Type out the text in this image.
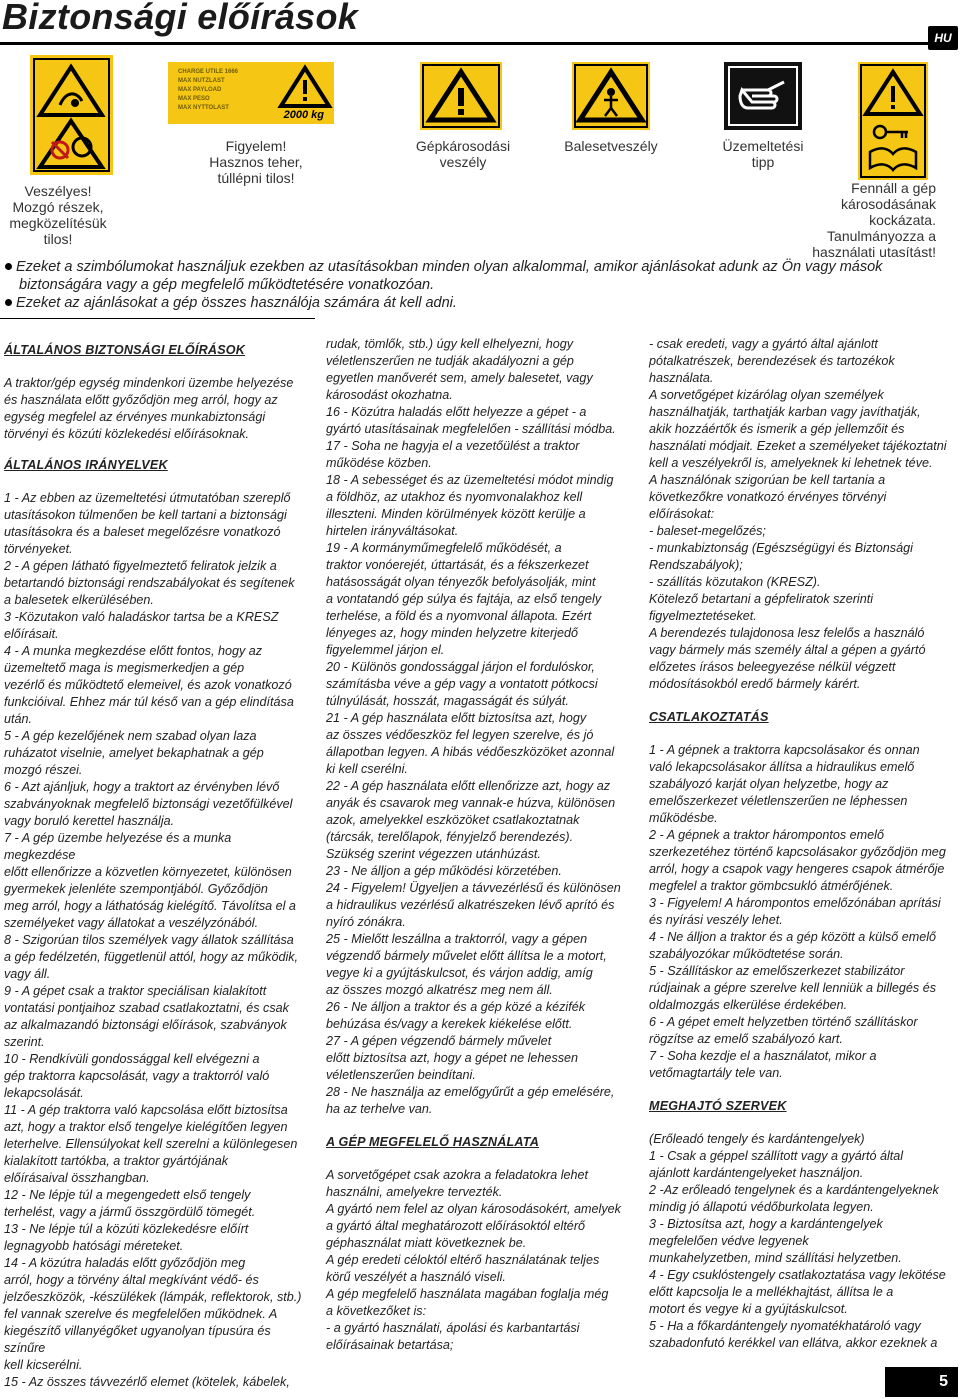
Biztonsági előírások
HU
CHARGE UTILE 1666
MAX NUTZLAST
MAX PAYLOAD
MAX PESO
MAX NYTTOLAST
2000 kg
Veszélyes!
Mozgó részek,
megközelítésük
tilos!
Figyelem!
Hasznos teher,
túllépni tilos!
Gépkárosodási
veszély
Balesetveszély	Üzemeltetési
tipp
Fennáll a gép
károsodásának
kockázata.
Tanulmányozza a
használati utasítást!

Ezeket a szimbólumokat használjuk ezekben az utasításokban minden olyan alkalommal, amikor ajánlásokat adunk az Ön vagy mások

biztonságára vagy a gép megfelelő működtetésére vonatkozóan.

Ezeket az ajánlásokat a gép összes használója számára át kell adni.

ÁLTALÁNOS BIZTONSÁGI ELŐÍRÁSOK

A traktor/gép egység mindenkori üzembe helyezése

és használata előtt győződjön meg arról, hogy az

egység megfelel az érvényes munkabiztonsági

törvényi és közúti közlekedési előírásoknak.

ÁLTALÁNOS IRÁNYELVEK

1 - Az ebben az üzemeltetési útmutatóban szereplő

utasításokon túlmenően be kell tartani a biztonsági

utasításokra és a baleset megelőzésre vonatkozó

törvényeket.

2 - A gépen látható figyelmeztető feliratok jelzik a

betartandó biztonsági rendszabályokat és segítenek

a balesetek elkerülésében.

3 -Közutakon való haladáskor tartsa be a KRESZ

előírásait.

4 - A munka megkezdése előtt fontos, hogy az

üzemeltető maga is megismerkedjen a gép

vezérlő és működtető elemeivel, és azok vonatkozó

funkcióival. Ehhez már túl késő van a gép elindítása

után.

5 - A gép kezelőjének nem szabad olyan laza

ruházatot viselnie, amelyet bekaphatnak a gép

mozgó részei.

6 - Azt ajánljuk, hogy a traktort az érvényben lévő

szabványoknak megfelelő biztonsági vezetőfülkével

vagy boruló kerettel használja.

7 - A gép üzembe helyezése és a munka megkezdése

előtt ellenőrizze a közvetlen környezetet, különösen

gyermekek jelenléte szempontjából. Győződjön

meg arról, hogy a láthatóság kielégítő. Távolítsa el a

személyeket vagy állatokat a veszélyzónából.

8 - Szigorúan tilos személyek vagy állatok szállítása

a gép fedélzetén, függetlenül attól, hogy az működik,

vagy áll.

9 - A gépet csak a traktor speciálisan kialakított

vontatási pontjaihoz szabad csatlakoztatni, és csak

az alkalmazandó biztonsági előírások, szabványok

szerint.

10 - Rendkívüli gondossággal kell elvégezni a

gép traktorra kapcsolását, vagy a traktorról való

lekapcsolását.

11 - A gép traktorra való kapcsolása előtt biztosítsa

azt, hogy a traktor első tengelye kielégítően legyen

leterhelve. Ellensúlyokat kell szerelni a különlegesen

kialakított tartókba, a traktor gyártójának

előírásaival összhangban.

12 - Ne lépje túl a megengedett első tengely

terhelést, vagy a jármű összgördülő tömegét.

13 - Ne lépje túl a közúti közlekedésre előírt

legnagyobb hatósági méreteket.

14 - A közútra haladás előtt győződjön meg

arról, hogy a törvény által megkívánt védő- és

jelzőeszközök, -készülékek (lámpák, reflektorok, stb.)

fel vannak szerelve és megfelelően működnek. A

kiegészítő villanyégőket ugyanolyan típusúra és színűre

kell kicserélni.

15 - Az összes távvezérlő elemet (kötelek, kábelek,

rudak, tömlők, stb.) úgy kell elhelyezni, hogy

véletlenszerűen ne tudják akadályozni a gép

egyetlen manőverét sem, amely balesetet, vagy

károsodást okozhatna.

16 - Közútra haladás előtt helyezze a gépet - a

gyártó utasításainak megfelelően - szállítási módba.

17 - Soha ne hagyja el a vezetőülést a traktor

működése közben.

18 - A sebességet és az üzemeltetési módot mindig

a földhöz, az utakhoz és nyomvonalakhoz kell

illeszteni. Minden körülmények között kerülje a

hirtelen irányváltásokat.

19 - A kormányműmegfelelő működését, a

traktor vonóerejét, úttartását, és a fékszerkezet

hatásosságát olyan tényezők befolyásolják, mint

a vontatandó gép súlya és fajtája, az első tengely

terhelése, a föld és a nyomvonal állapota. Ezért

lényeges az, hogy minden helyzetre kiterjedő

figyelemmel járjon el.

20 - Különös gondossággal járjon el fordulóskor,

számításba véve a gép vagy a vontatott pótkocsi

túlnyúlását, hosszát, magasságát és súlyát.

21 - A gép használata előtt biztosítsa azt, hogy

az összes védőeszköz fel legyen szerelve, és jó

állapotban legyen. A hibás védőeszközöket azonnal

ki kell cserélni.

22 - A gép használata előtt ellenőrizze azt, hogy az

anyák és csavarok meg vannak-e húzva, különösen

azok, amelyekkel eszközöket csatlakoztatnak

(tárcsák, terelőlapok, fényjelző berendezés).

Szükség szerint végezzen utánhúzást.

23 - Ne álljon a gép működési körzetében.

24 - Figyelem! Ügyeljen a távvezérlésű és különösen

a hidraulikus vezérlésű alkatrészeken lévő aprító és

nyíró zónákra.

25 - Mielőtt leszállna a traktorról, vagy a gépen

végzendő bármely művelet előtt állítsa le a motort,

vegye ki a gyújtáskulcsot, és várjon addig, amíg

az összes mozgó alkatrész meg nem áll.

26 - Ne álljon a traktor és a gép közé a kézifék

behúzása és/vagy a kerekek kiékelése előtt.

27 - A gépen végzendő bármely művelet

előtt biztosítsa azt, hogy a gépet ne lehessen

véletlenszerűen beindítani.

28 - Ne használja az emelőgyűrűt a gép emelésére,

ha az terhelve van.

A GÉP MEGFELELŐ HASZNÁLATA

A sorvetőgépet csak azokra a feladatokra lehet

használni, amelyekre tervezték.

A gyártó nem felel az olyan károsodásokért, amelyek

a gyártó által meghatározott előírásoktól eltérő

géphasználat miatt következnek be.

A gép eredeti céloktól eltérő használatának teljes

körű veszélyét a használó viseli.

A gép megfelelő használata magában foglalja még

a következőket is:

- a gyártó használati, ápolási és karbantartási

előírásainak betartása;

- csak eredeti, vagy a gyártó által ajánlott

pótalkatrészek, berendezések és tartozékok

használata.

A sorvetőgépet kizárólag olyan személyek

használhatják, tarthatják karban vagy javíthatják,

akik hozzáértők és ismerik a gép jellemzőit és

használati módjait. Ezeket a személyeket tájékoztatni

kell a veszélyekről is, amelyeknek ki lehetnek téve.

A használónak szigorúan be kell tartania a

következőkre vonatkozó érvényes törvényi

előírásokat:

- baleset-megelőzés;

- munkabiztonság (Egészségügyi és Biztonsági

Rendszabályok);

- szállítás közutakon (KRESZ).

Kötelező betartani a gépfeliratok szerinti

figyelmeztetéseket.

A berendezés tulajdonosa lesz felelős a használó

vagy bármely más személy által a gépen a gyártó

előzetes írásos beleegyezése nélkül végzett

módosításokból eredő bármely kárért.

CSATLAKOZTATÁS

1 - A gépnek a traktorra kapcsolásakor és onnan

való lekapcsolásakor állítsa a hidraulikus emelő

szabályozó karját olyan helyzetbe, hogy az

emelőszerkezet véletlenszerűen ne léphessen

működésbe.

2 - A gépnek a traktor hárompontos emelő

szerkezetéhez történő kapcsolásakor győződjön meg

arról, hogy a csapok vagy hengeres csapok átmérője

megfelel a traktor gömbcsukló átmérőjének.

3 - Figyelem! A hárompontos emelőzónában aprítási

és nyírási veszély lehet.

4 - Ne álljon a traktor és a gép között a külső emelő

szabályozókar működtetése során.

5 - Szállításkor az emelőszerkezet stabilizátor

rúdjainak a gépre szerelve kell lenniük a billegés és

oldalmozgás elkerülése érdekében.

6 - A gépet emelt helyzetben történő szállításkor

rögzítse az emelő szabályozó kart.

7 - Soha kezdje el a használatot, mikor a

vetőmagtartály tele van.

MEGHAJTÓ SZERVEK

(Erőleadó tengely és kardántengelyek)

1 - Csak a géppel szállított vagy a gyártó által

ajánlott kardántengelyeket használjon.

2 -Az erőleadó tengelynek és a kardántengelyeknek

mindig jó állapotú védőburkolata legyen.

3 - Biztosítsa azt, hogy a kardántengelyek

megfelelően védve legyenek

munkahelyzetben, mind szállítási helyzetben.

4 - Egy csuklóstengely csatlakoztatása vagy lekötése

előtt kapcsolja le a mellékhajtást, állítsa le a

motort és vegye ki a gyújtáskulcsot.

5 - Ha a főkardántengely nyomatékhatároló vagy

szabadonfutó kerékkel van ellátva, akkor ezeknek a

5
